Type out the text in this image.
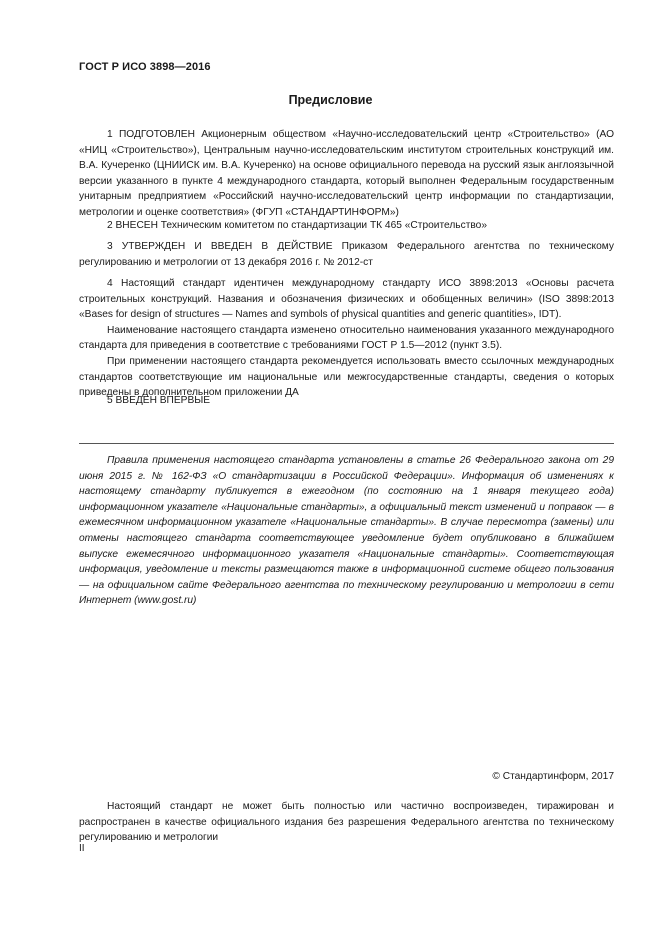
ГОСТ Р ИСО 3898—2016
Предисловие

1 ПОДГОТОВЛЕН Акционерным обществом «Научно-исследовательский центр «Строительство» (АО «НИЦ «Строительство»), Центральным научно-исследовательским институтом строительных конструкций им. В.А. Кучеренко (ЦНИИСК им. В.А. Кучеренко) на основе официального перевода на русский язык англоязычной версии указанного в пункте 4 международного стандарта, который выполнен Федеральным государственным унитарным предприятием «Российский научно-исследовательский центр информации по стандартизации, метрологии и оценке соответствия» (ФГУП «СТАНДАРТИНФОРМ»)

2 ВНЕСЕН Техническим комитетом по стандартизации ТК 465 «Строительство»

3 УТВЕРЖДЕН И ВВЕДЕН В ДЕЙСТВИЕ Приказом Федерального агентства по техническому регулированию и метрологии от 13 декабря 2016 г. № 2012-ст

4 Настоящий стандарт идентичен международному стандарту ИСО 3898:2013 «Основы расчета строительных конструкций. Названия и обозначения физических и обобщенных величин» (ISO 3898:2013 «Bases for design of structures — Names and symbols of physical quantities and generic quantities», IDT).

Наименование настоящего стандарта изменено относительно наименования указанного международного стандарта для приведения в соответствие с требованиями ГОСТ Р 1.5—2012 (пункт 3.5).

При применении настоящего стандарта рекомендуется использовать вместо ссылочных международных стандартов соответствующие им национальные или межгосударственные стандарты, сведения о которых приведены в дополнительном приложении ДА

5 ВВЕДЕН ВПЕРВЫЕ

Правила применения настоящего стандарта установлены в статье 26 Федерального закона от 29 июня 2015 г. № 162-ФЗ «О стандартизации в Российской Федерации». Информация об изменениях к настоящему стандарту публикуется в ежегодном (по состоянию на 1 января текущего года) информационном указателе «Национальные стандарты», а официальный текст изменений и поправок — в ежемесячном информационном указателе «Национальные стандарты». В случае пересмотра (замены) или отмены настоящего стандарта соответствующее уведомление будет опубликовано в ближайшем выпуске ежемесячного информационного указателя «Национальные стандарты». Соответствующая информация, уведомление и тексты размещаются также в информационной системе общего пользования — на официальном сайте Федерального агентства по техническому регулированию и метрологии в сети Интернет (www.gost.ru)

© Стандартинформ, 2017

Настоящий стандарт не может быть полностью или частично воспроизведен, тиражирован и распространен в качестве официального издания без разрешения Федерального агентства по техническому регулированию и метрологии

II
